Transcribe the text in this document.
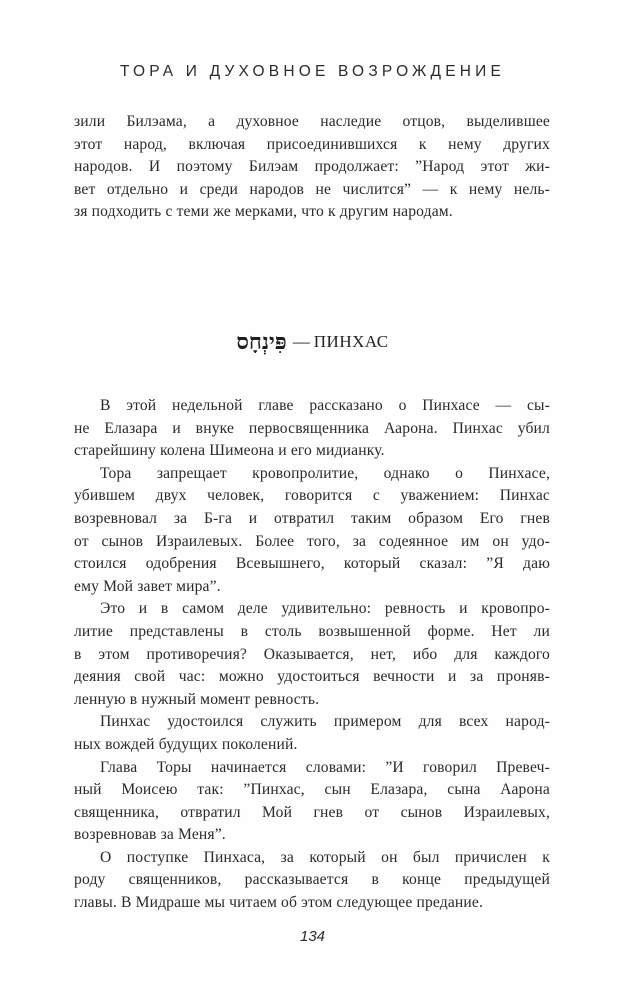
ТОРА И ДУХОВНОЕ ВОЗРОЖДЕНИЕ
зили Билэама, а духовное наследие отцов, выделившее
этот народ, включая присоединившихся к нему других
народов. И поэтому Билэам продолжает: ”Народ этот жи-
вет отдельно и среди народов не числится” — к нему нель-
зя подходить с теми же мерками, что к другим народам.
פִּינְחָס — ПИНХАС
В этой недельной главе рассказано о Пинхасе — сы-
не Елазара и внуке первосвященника Аарона. Пинхас убил
старейшину колена Шимеона и его мидианку.
Тора запрещает кровопролитие, однако о Пинхасе,
убившем двух человек, говорится с уважением: Пинхас
возревновал за Б-га и отвратил таким образом Его гнев
от сынов Израилевых. Более того, за содеянное им он удо-
стоился одобрения Всевышнего, который сказал: ”Я даю
ему Мой завет мира”.
Это и в самом деле удивительно: ревность и кровопро-
литие представлены в столь возвышенной форме. Нет ли
в этом противоречия? Оказывается, нет, ибо для каждого
деяния свой час: можно удостоиться вечности и за проняв-
ленную в нужный момент ревность.
Пинхас удостоился служить примером для всех народ-
ных вождей будущих поколений.
Глава Торы начинается словами: ”И говорил Превеч-
ный Моисею так: ”Пинхас, сын Елазара, сына Аарона
священника, отвратил Мой гнев от сынов Израилевых,
возревновав за Меня”.
О поступке Пинхаса, за который он был причислен к
роду священников, рассказывается в конце предыдущей
главы. В Мидраше мы читаем об этом следующее предание.
134
